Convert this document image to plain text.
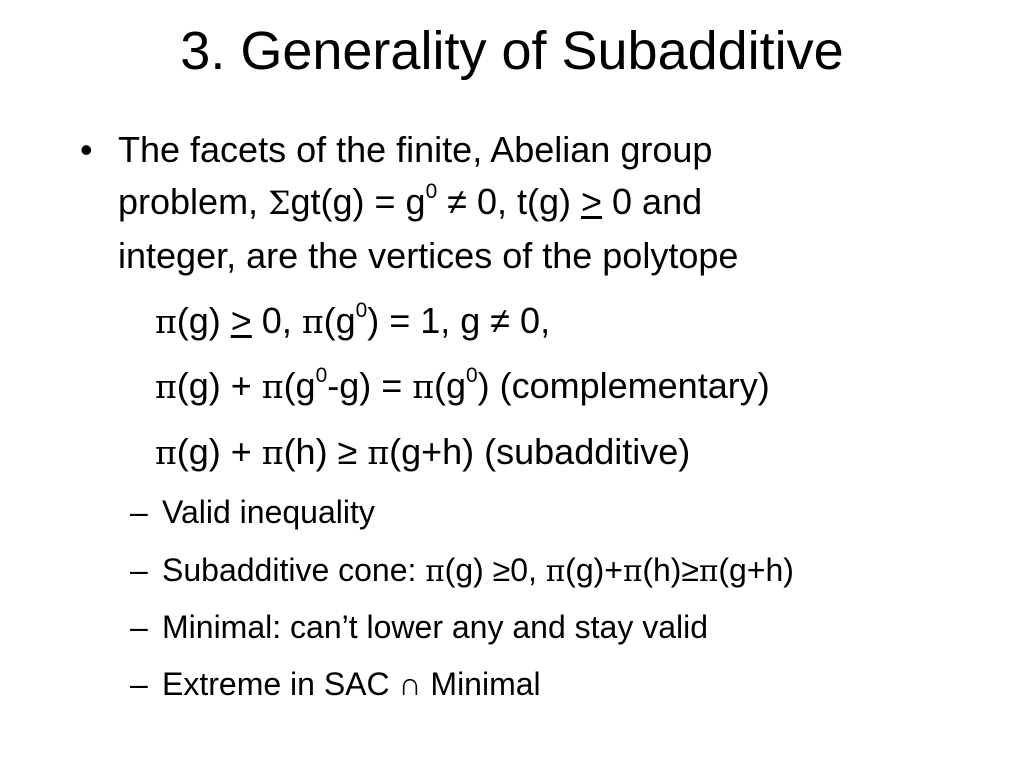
3. Generality of Subadditive
• The facets of the finite, Abelian group
problem, $\Sigma gt(g) = g^0 \ne 0$, t(g) ≥ 0 and
integer, are the vertices of the polytope
π(g) ≥ 0, $\pi(g^0) = 1$, g ≠ 0,
$\pi(g) + \pi(g^0-g) = \pi(g^0)$ (complementary)
π(g) + π(h) ≥ π(g+h) (subadditive)
– Valid inequality
– Subadditive cone: π(g) ≥0, π(g)+π(h)≥π(g+h)
– Minimal: can’t lower any and stay valid
– Extreme in SAC ∩ Minimal
